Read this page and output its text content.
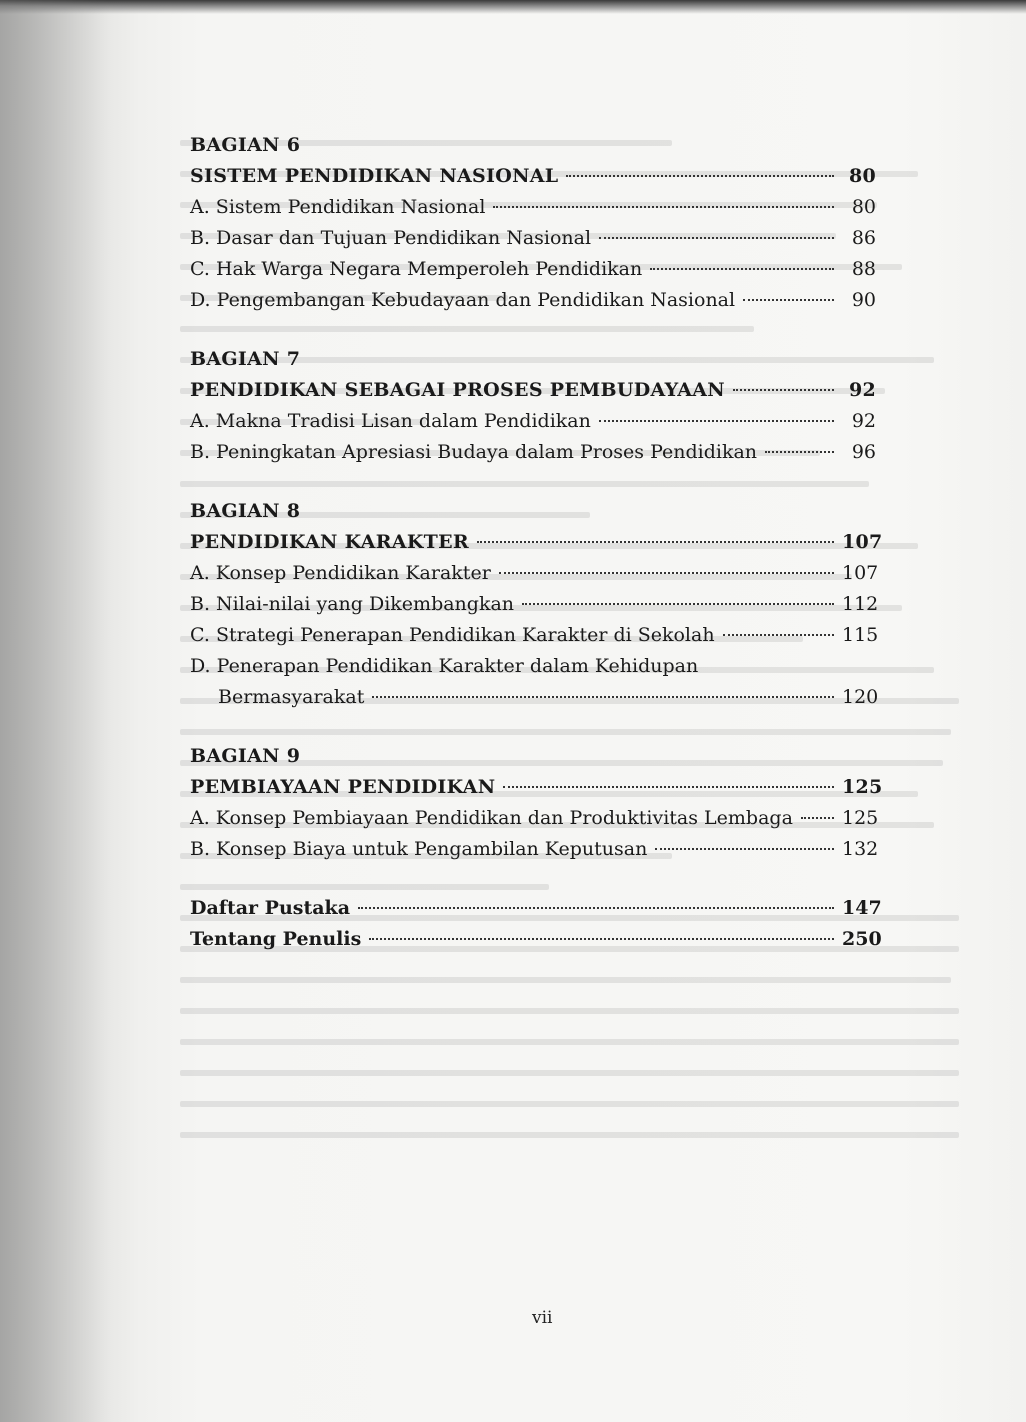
BAGIAN 6
SISTEM PENDIDIKAN NASIONAL	80
A. Sistem Pendidikan Nasional	80
B. Dasar dan Tujuan Pendidikan Nasional	86
C. Hak Warga Negara Memperoleh Pendidikan	88
D. Pengembangan Kebudayaan dan Pendidikan Nasional	90
BAGIAN 7
PENDIDIKAN SEBAGAI PROSES PEMBUDAYAAN	92
A. Makna Tradisi Lisan dalam Pendidikan	92
B. Peningkatan Apresiasi Budaya dalam Proses Pendidikan	96
BAGIAN 8
PENDIDIKAN KARAKTER	107
A. Konsep Pendidikan Karakter	107
B. Nilai-nilai yang Dikembangkan	112
C. Strategi Penerapan Pendidikan Karakter di Sekolah	115
D. Penerapan Pendidikan Karakter dalam Kehidupan
Bermasyarakat	120
BAGIAN 9
PEMBIAYAAN PENDIDIKAN	125
A. Konsep Pembiayaan Pendidikan dan Produktivitas Lembaga	125
B. Konsep Biaya untuk Pengambilan Keputusan	132
Daftar Pustaka	147
Tentang Penulis	250
vii
